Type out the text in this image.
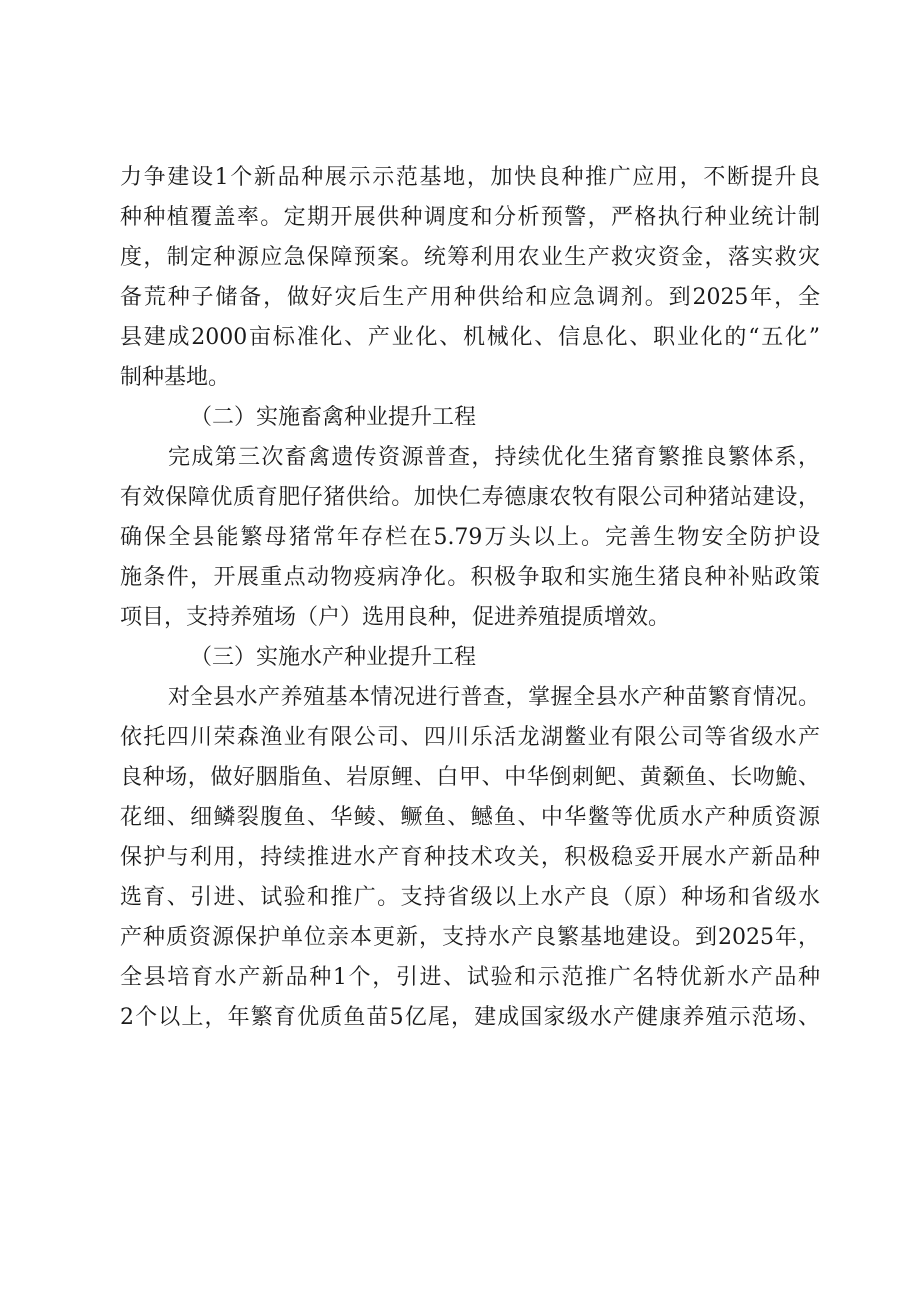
力争建设1个新品种展示示范基地，加快良种推广应用，不断提升良
种种植覆盖率。定期开展供种调度和分析预警，严格执行种业统计制
度，制定种源应急保障预案。统筹利用农业生产救灾资金，落实救灾
备荒种子储备，做好灾后生产用种供给和应急调剂。到2025年，全
县建成2000亩标准化、产业化、机械化、信息化、职业化的“五化”
制种基地。
（二）实施畜禽种业提升工程
完成第三次畜禽遗传资源普查，持续优化生猪育繁推良繁体系，
有效保障优质育肥仔猪供给。加快仁寿德康农牧有限公司种猪站建设，
确保全县能繁母猪常年存栏在5.79万头以上。完善生物安全防护设
施条件，开展重点动物疫病净化。积极争取和实施生猪良种补贴政策
项目，支持养殖场（户）选用良种，促进养殖提质增效。
（三）实施水产种业提升工程
对全县水产养殖基本情况进行普查，掌握全县水产种苗繁育情况。
依托四川荣森渔业有限公司、四川乐活龙湖鳖业有限公司等省级水产
良种场，做好胭脂鱼、岩原鲤、白甲、中华倒刺鲃、黄颡鱼、长吻鮠、
花细、细鳞裂腹鱼、华鲮、鳜鱼、鳡鱼、中华鳖等优质水产种质资源
保护与利用，持续推进水产育种技术攻关，积极稳妥开展水产新品种
选育、引进、试验和推广。支持省级以上水产良（原）种场和省级水
产种质资源保护单位亲本更新，支持水产良繁基地建设。到2025年，
全县培育水产新品种1个，引进、试验和示范推广名特优新水产品种
2个以上，年繁育优质鱼苗5亿尾，建成国家级水产健康养殖示范场、
